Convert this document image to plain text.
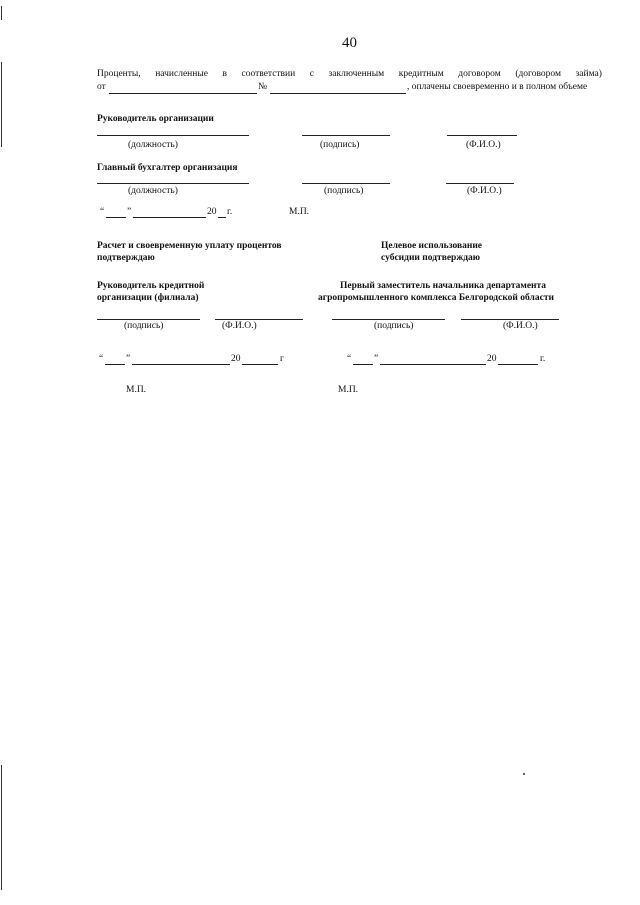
40
Проценты, начисленные в соответствии с заключенным кредитным договором (договором займа)
от	№	, оплачены своевременно и в полном объеме
Руководитель организации
(должность)	(подпись)	(Ф.И.О.)
Главный бухгалтер организация
(должность)	(подпись)	(Ф.И.О.)
“ ”	20 г.	М.П.
Расчет и своевременную уплату процентов
подтверждаю
Целевое использование
субсидии подтверждаю
Руководитель кредитной
организации (филиала)
Первый заместитель начальника департамента
агропромышленного комплекса Белгородской области
(подпись)	(Ф.И.О.)	(подпись)	(Ф.И.О.)
“ ”	20	г	“ ”	20	г.
М.П.	М.П.
